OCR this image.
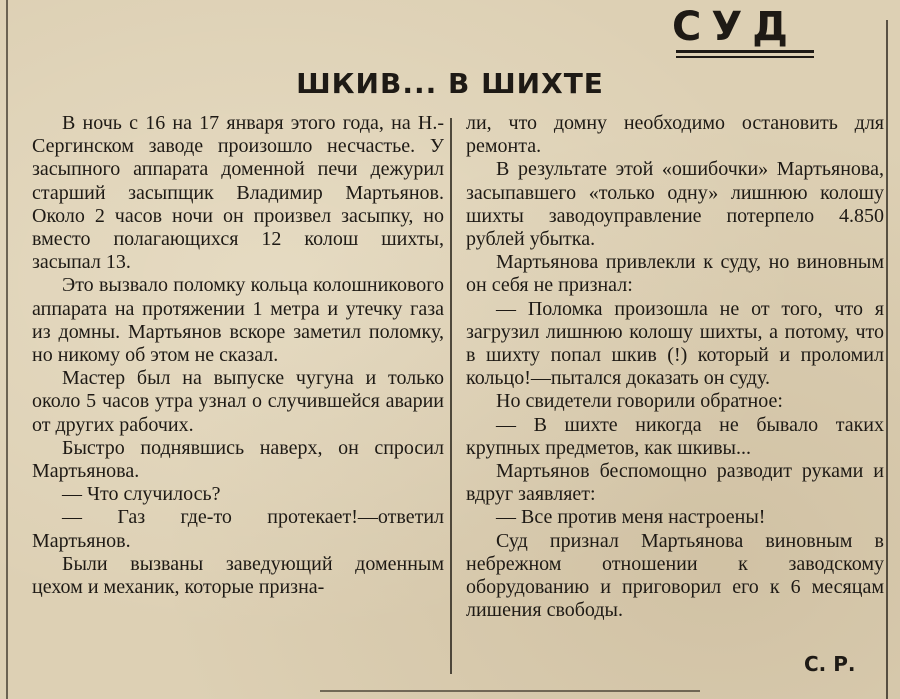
СУД
ШКИВ... В ШИХТЕ

В ночь с 16 на 17 января этого года, на Н.-Сергинском заводе произошло несчастье. У засыпного аппарата доменной печи дежурил старший засыпщик Владимир Мартьянов. Около 2 часов ночи он произвел засыпку, но вместо полагающихся 12 колош шихты, засыпал 13.

Это вызвало поломку кольца колошникового аппарата на протяжении 1 метра и утечку газа из домны. Мартьянов вскоре заметил поломку, но никому об этом не сказал.

Мастер был на выпуске чугуна и только около 5 часов утра узнал о случившейся аварии от других рабочих.

Быстро поднявшись наверх, он спросил Мартьянова.

— Что случилось?

— Газ где-то протекает!—ответил Мартьянов.

Были вызваны заведующий доменным цехом и механик, которые призна-

ли, что домну необходимо остановить для ремонта.

В результате этой «ошибочки» Мартьянова, засыпавшего «только одну» лишнюю колошу шихты заводоуправление потерпело 4.850 рублей убытка.

Мартьянова привлекли к суду, но виновным он себя не признал:

— Поломка произошла не от того, что я загрузил лишнюю колошу шихты, а потому, что в шихту попал шкив (!) который и проломил кольцо!—пытался доказать он суду.

Но свидетели говорили обратное:

— В шихте никогда не бывало таких крупных предметов, как шкивы...

Мартьянов беспомощно разводит руками и вдруг заявляет:

— Все против меня настроены!

Суд признал Мартьянова виновным в небрежном отношении к заводскому оборудованию и приговорил его к 6 месяцам лишения свободы.

С. Р.
